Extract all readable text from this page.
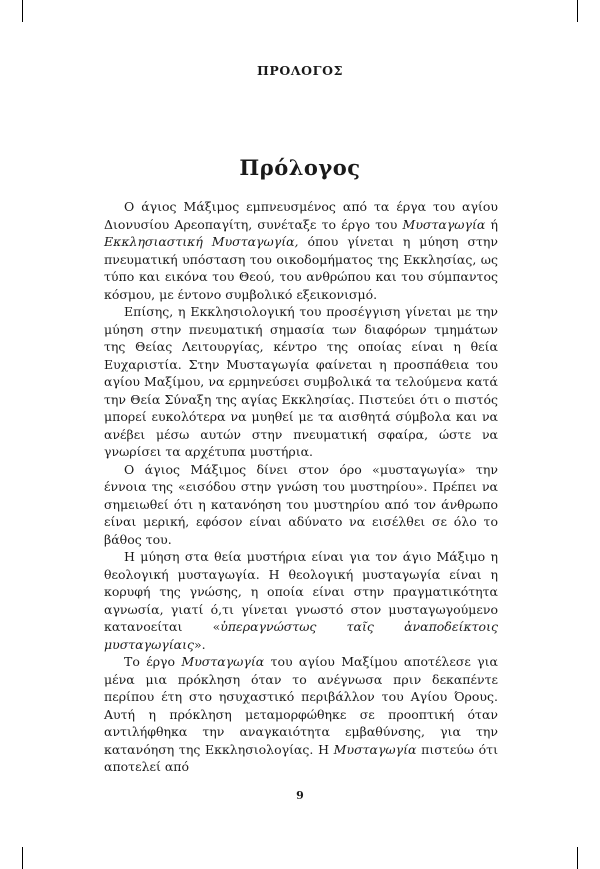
ΠΡΟΛΟΓΟΣ
Πρόλογος

Ο άγιος Μάξιμος εμπνευσμένος από τα έργα του αγίου Διονυσίου Αρεοπαγίτη, συνέταξε το έργο του Μυσταγωγία ή Εκκλησιαστική Μυσταγωγία, όπου γίνεται η μύηση στην πνευματική υπόσταση του οικοδομήματος της Εκκλησίας, ως τύπο και εικόνα του Θεού, του ανθρώπου και του σύμπαντος κόσμου, με έντονο συμβολικό εξεικονισμό.

Επίσης, η Εκκλησιολογική του προσέγγιση γίνεται με την μύηση στην πνευματική σημασία των διαφόρων τμημάτων της Θείας Λειτουργίας, κέντρο της οποίας είναι η θεία Ευχαριστία. Στην Μυσταγωγία φαίνεται η προσπάθεια του αγίου Μαξίμου, να ερμηνεύσει συμβολικά τα τελούμενα κατά την Θεία Σύναξη της αγίας Εκκλησίας. Πιστεύει ότι ο πιστός μπορεί ευκολότερα να μυηθεί με τα αισθητά σύμβολα και να ανέβει μέσω αυτών στην πνευματική σφαίρα, ώστε να γνωρίσει τα αρχέτυπα μυστήρια.

Ο άγιος Μάξιμος δίνει στον όρο «μυσταγωγία» την έννοια της «εισόδου στην γνώση του μυστηρίου». Πρέπει να σημειωθεί ότι η κατανόηση του μυστηρίου από τον άνθρωπο είναι μερική, εφόσον είναι αδύνατο να εισέλθει σε όλο το βάθος του.

Η μύηση στα θεία μυστήρια είναι για τον άγιο Μάξιμο η θεολογική μυσταγωγία. Η θεολογική μυσταγωγία είναι η κορυφή της γνώσης, η οποία είναι στην πραγματικότητα αγνωσία, γιατί ό,τι γίνεται γνωστό στον μυσταγωγούμενο κατανοείται «ὑπεραγνώστως ταῖς ἀναποδείκτοις μυσταγωγίαις».

Το έργο Μυσταγωγία του αγίου Μαξίμου αποτέλεσε για μένα μια πρόκληση όταν το ανέγνωσα πριν δεκαπέντε περίπου έτη στο ησυχαστικό περιβάλλον του Αγίου Όρους. Αυτή η πρόκληση μεταμορφώθηκε σε προοπτική όταν αντιλήφθηκα την αναγκαιότητα εμβαθύνσης, για την κατανόηση της Εκκλησιολογίας. Η Μυσταγωγία πιστεύω ότι αποτελεί από

9
